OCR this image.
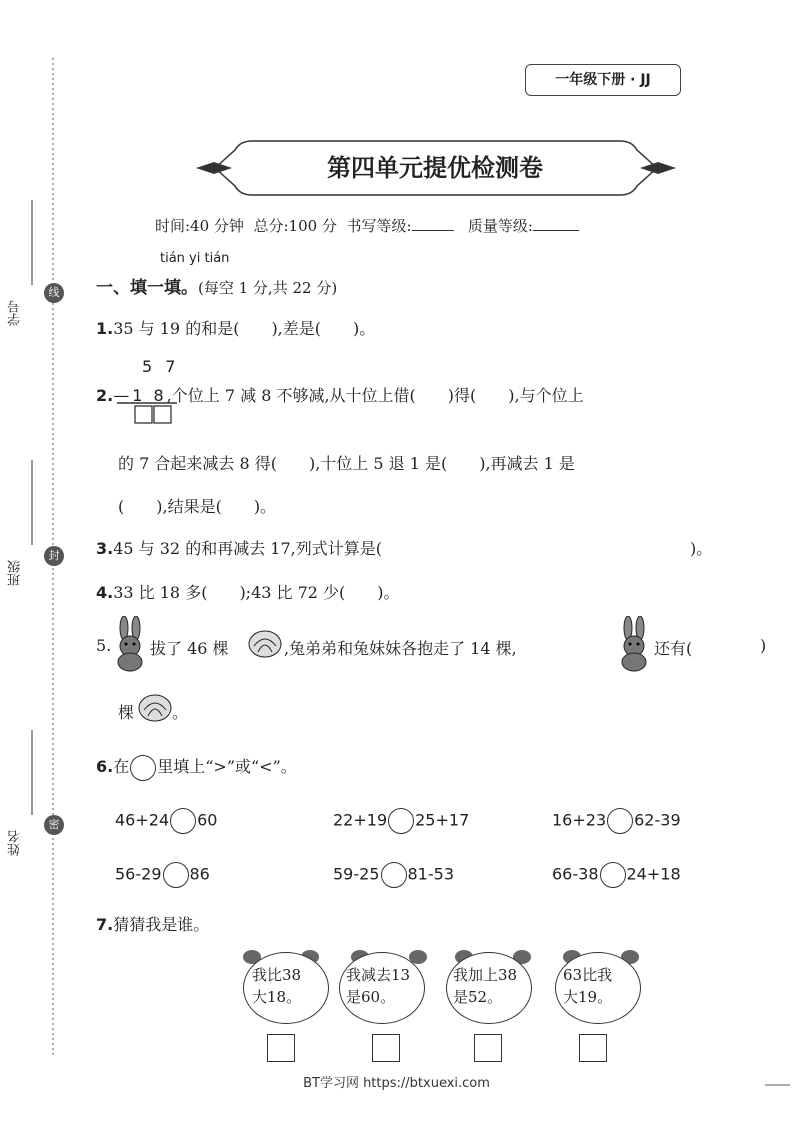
学号
线
班级
封
姓名
密
一年级下册 · JJ
第四单元提优检测卷
时间:40 分钟 总分:100 分 书写等级:	质量等级:
tián yi tián
一、填一填。(每空 1 分,共 22 分)
1.35 与 19 的和是(　　),差是(　　)。
5 7
2.—1 8,个位上 7 减 8 不够减,从十位上借(　　)得(　　),与个位上
的 7 合起来减去 8 得(　　),十位上 5 退 1 是(　　),再减去 1 是
(　　),结果是(　　)。
3.45 与 32 的和再减去 17,列式计算是(	)。
4.33 比 18 多(　　);43 比 72 少(　　)。
5. 拔了 46 棵	,兔弟弟和兔妹妹各抱走了 14 棵,	还有(	)
棵 。
6.在 里填上“>”或“<”。
46+24 60	22+19 25+17	16+23 62-39
56-29 86	59-25 81-53	66-38 24+18
7.猜猜我是谁。
我比38
大18。
我减去13
是60。
我加上38
是52。
63比我
大19。
BT学习网 https://btxuexi.com
